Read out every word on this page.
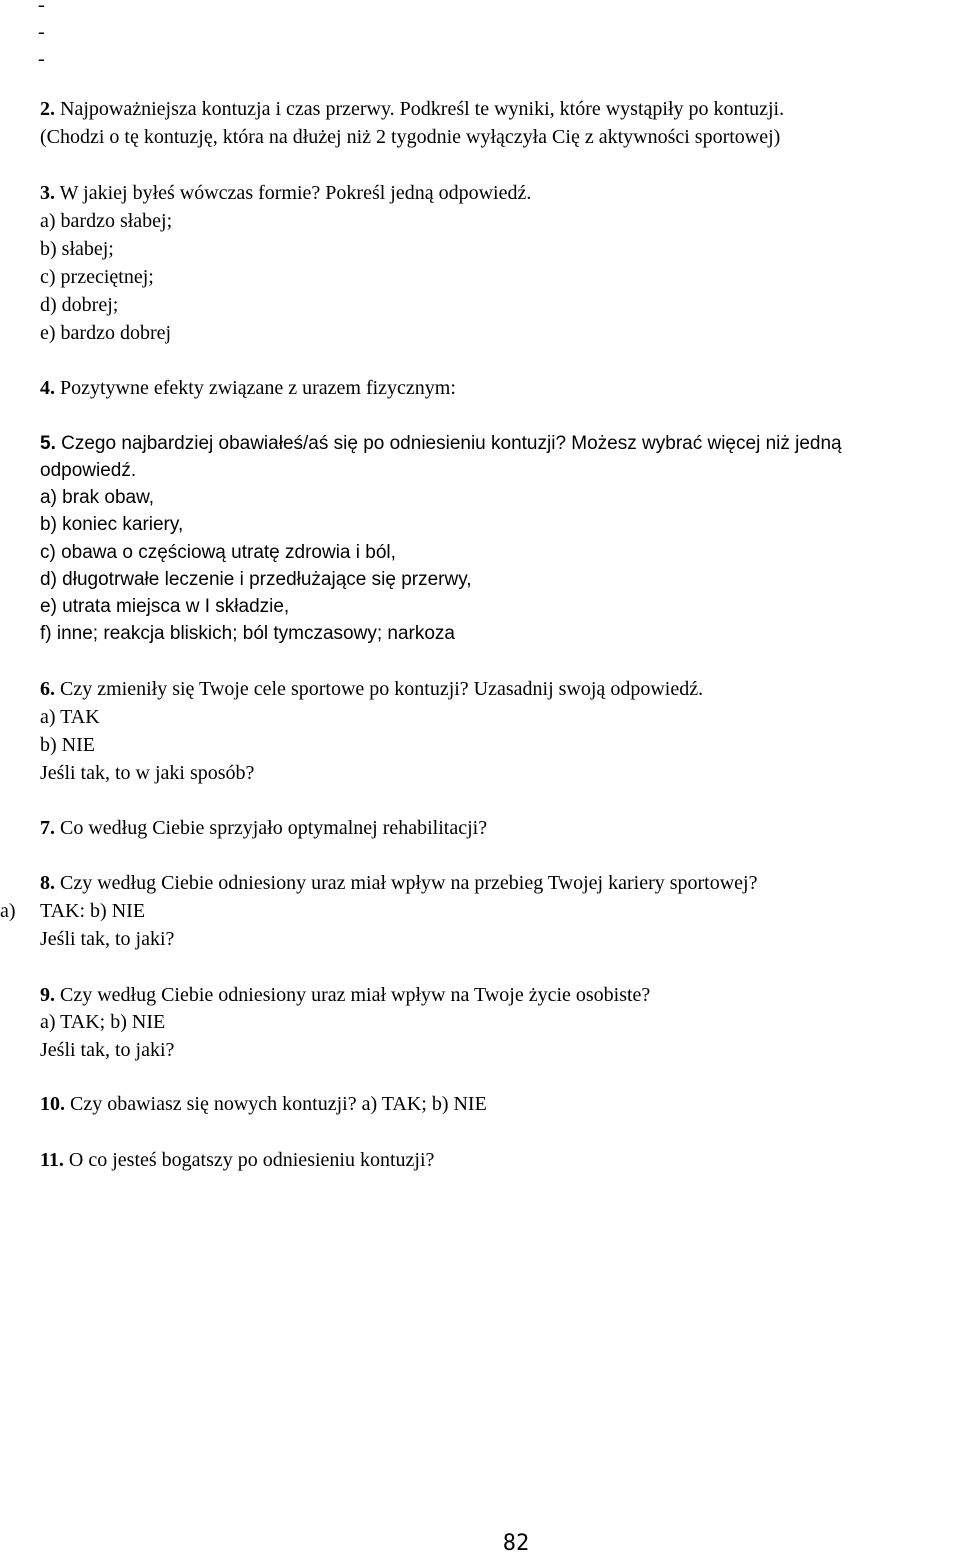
-
-
-
2. Najpoważniejsza kontuzja i czas przerwy. Podkreśl te wyniki, które wystąpiły po kontuzji.
(Chodzi o tę kontuzję, która na dłużej niż 2 tygodnie wyłączyła Cię z aktywności sportowej)
3. W jakiej byłeś wówczas formie? Pokreśl jedną odpowiedź.
a) bardzo słabej;
b) słabej;
c) przeciętnej;
d) dobrej;
e) bardzo dobrej
4. Pozytywne efekty związane z urazem fizycznym:
5. Czego najbardziej obawiałeś/aś się po odniesieniu kontuzji? Możesz wybrać więcej niż jedną
odpowiedź.
a) brak obaw,
b) koniec kariery,
c) obawa o częściową utratę zdrowia i ból,
d) długotrwałe leczenie i przedłużające się przerwy,
e) utrata miejsca w I składzie,
f) inne; reakcja bliskich; ból tymczasowy; narkoza
6. Czy zmieniły się Twoje cele sportowe po kontuzji? Uzasadnij swoją odpowiedź.
a) TAK
b) NIE
Jeśli tak, to w jaki sposób?
7. Co według Ciebie sprzyjało optymalnej rehabilitacji?
8. Czy według Ciebie odniesiony uraz miał wpływ na przebieg Twojej kariery sportowej?
a) TAK: b) NIE
Jeśli tak, to jaki?
9. Czy według Ciebie odniesiony uraz miał wpływ na Twoje życie osobiste?
a) TAK; b) NIE
Jeśli tak, to jaki?
10. Czy obawiasz się nowych kontuzji? a) TAK; b) NIE
11. O co jesteś bogatszy po odniesieniu kontuzji?
82
